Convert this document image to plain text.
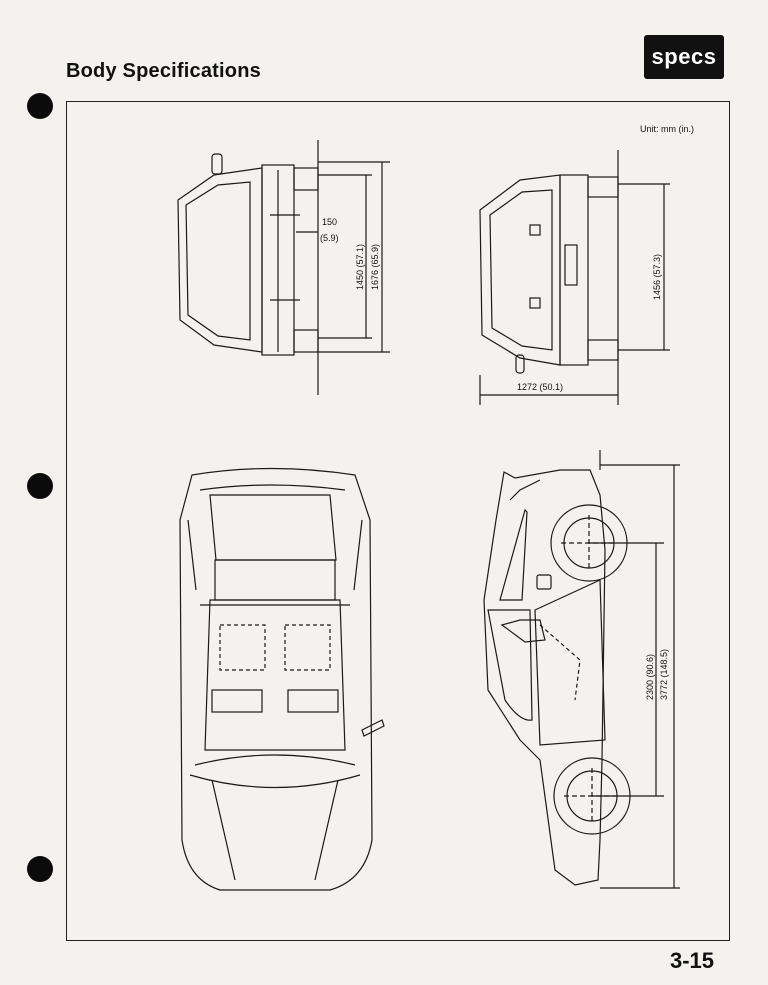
Body Specifications
specs
Unit: mm (in.)
150
(5.9)
1450 (57.1) 1676 (65.9)	1456 (57.3)
1272 (50.1)
2300 (90.6) 3772 (148.5)
3-15
